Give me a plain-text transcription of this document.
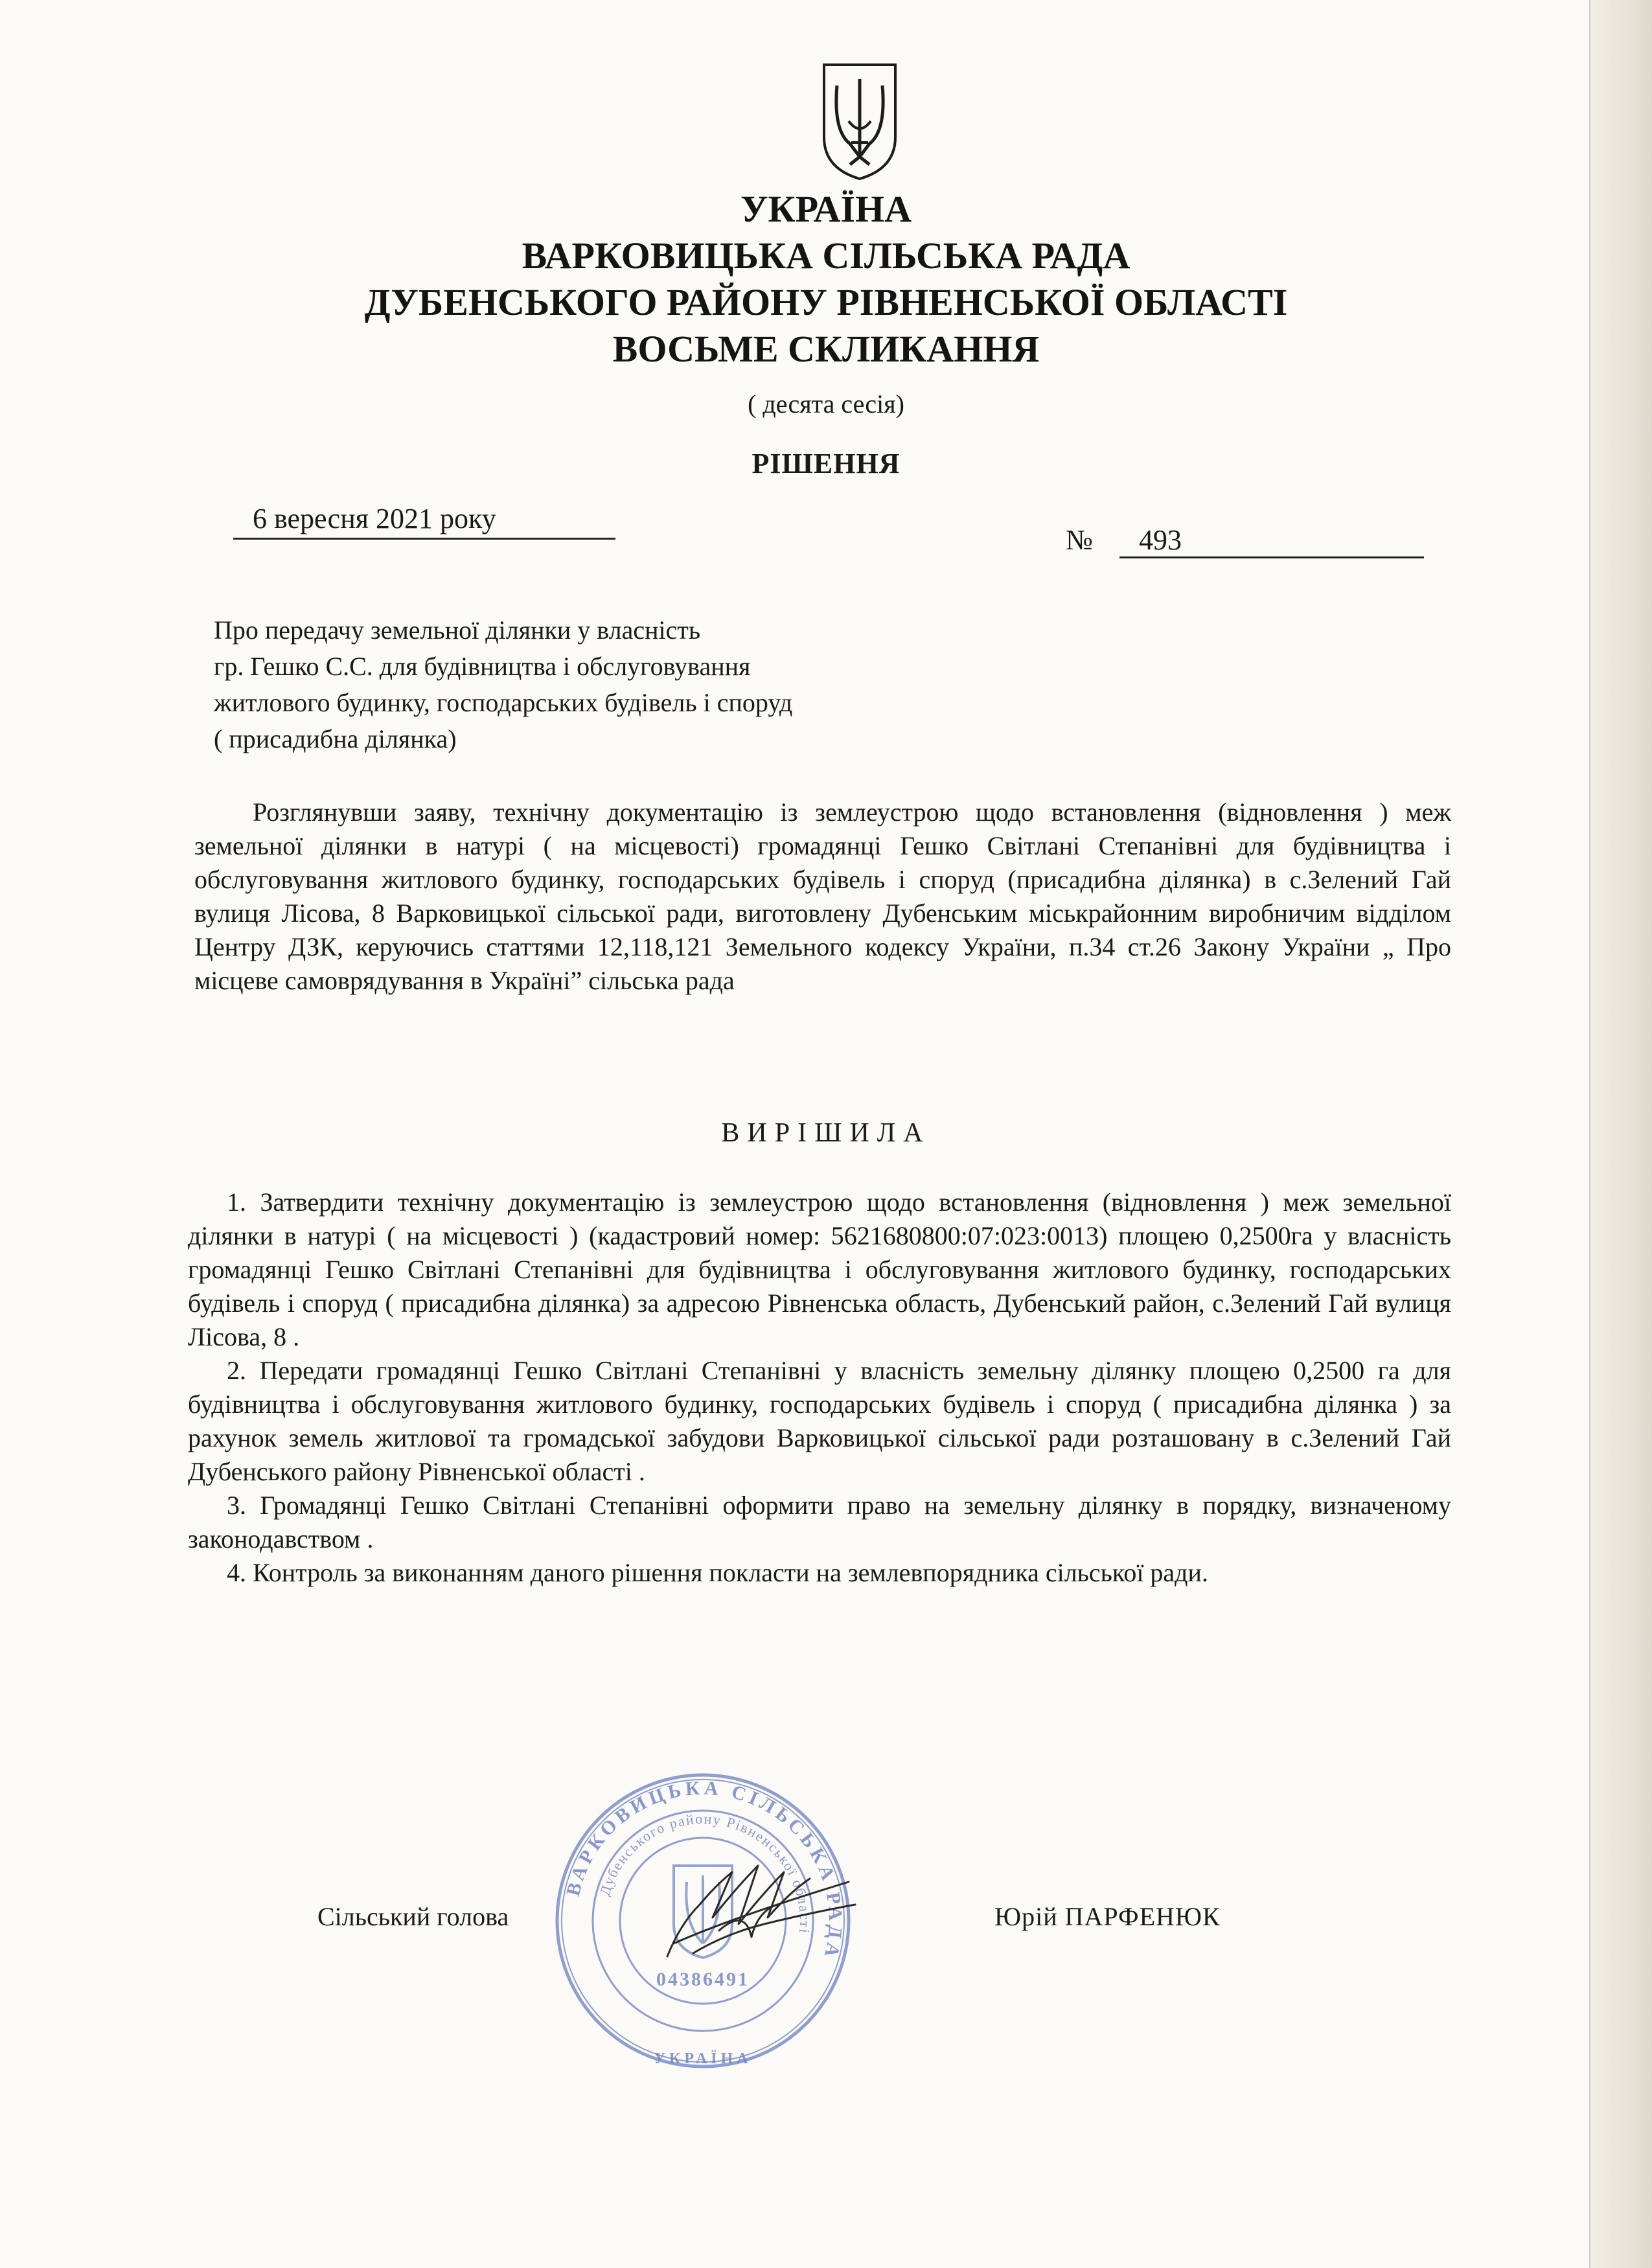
УКРАЇНА
ВАРКОВИЦЬКА СІЛЬСЬКА РАДА
ДУБЕНСЬКОГО РАЙОНУ РІВНЕНСЬКОЇ ОБЛАСТІ
ВОСЬМЕ СКЛИКАННЯ
( десята сесія)
РІШЕННЯ
6 вересня 2021 року
№ 493
Про передачу земельної ділянки у власність
гр. Гешко С.С. для будівництва і обслуговування
житлового будинку, господарських будівель і споруд
( присадибна ділянка)
Розглянувши заяву, технічну документацію із землеустрою щодо встановлення (відновлення ) меж земельної ділянки в натурі ( на місцевості) громадянці Гешко Світлані Степанівні для будівництва і обслуговування житлового будинку, господарських будівель і споруд (присадибна ділянка) в с.Зелений Гай вулиця Лісова, 8 Варковицької сільської ради, виготовлену Дубенським міськрайонним виробничим відділом Центру ДЗК, керуючись статтями 12,118,121 Земельного кодексу України, п.34 ст.26 Закону України „ Про місцеве самоврядування в Україні” сільська рада
ВИРІШИЛА

1. Затвердити технічну документацію із землеустрою щодо встановлення (відновлення ) меж земельної ділянки в натурі ( на місцевості ) (кадастровий номер: 5621680800:07:023:0013) площею 0,2500га у власність громадянці Гешко Світлані Степанівні для будівництва і обслуговування житлового будинку, господарських будівель і споруд ( присадибна ділянка) за адресою Рівненська область, Дубенський район, с.Зелений Гай вулиця Лісова, 8 .

2. Передати громадянці Гешко Світлані Степанівні у власність земельну ділянку площею 0,2500 га для будівництва і обслуговування житлового будинку, господарських будівель і споруд ( присадибна ділянка ) за рахунок земель житлової та громадської забудови Варковицької сільської ради розташовану в с.Зелений Гай Дубенського району Рівненської області .

3. Громадянці Гешко Світлані Степанівні оформити право на земельну ділянку в порядку, визначеному законодавством .

4. Контроль за виконанням даного рішення покласти на землевпорядника сільської ради.

ВАРКОВИЦЬКА СІЛЬСЬКА РАДА
Дубенського району Рівненської області
УКРАЇНА
04386491
Сільський голова	Юрій ПАРФЕНЮК
